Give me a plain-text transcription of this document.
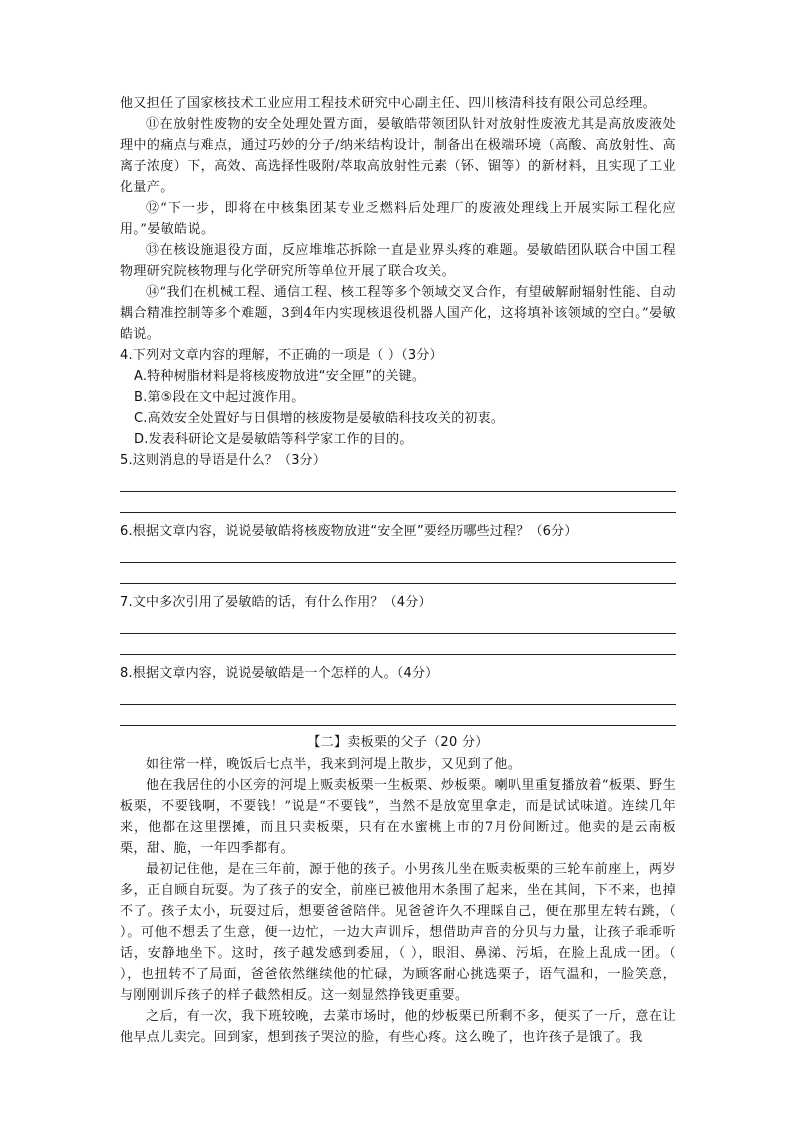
他又担任了国家核技术工业应用工程技术研究中心副主任、四川核清科技有限公司总经理。

⑪在放射性废物的安全处理处置方面，晏敏皓带领团队针对放射性废液尤其是高放废液处理中的痛点与难点，通过巧妙的分子/纳米结构设计，制备出在极端环境（高酸、高放射性、高离子浓度）下，高效、高选择性吸附/萃取高放射性元素（钚、镅等）的新材料，且实现了工业化量产。

⑫“下一步，即将在中核集团某专业乏燃料后处理厂的废液处理线上开展实际工程化应用。”晏敏皓说。

⑬在核设施退役方面，反应堆堆芯拆除一直是业界头疼的难题。晏敏皓团队联合中国工程物理研究院核物理与化学研究所等单位开展了联合攻关。

⑭“我们在机械工程、通信工程、核工程等多个领域交叉合作，有望破解耐辐射性能、自动耦合精准控制等多个难题，3到4年内实现核退役机器人国产化，这将填补该领域的空白。”晏敏皓说。

4.下列对文章内容的理解，不正确的一项是（ ）（3分）

A.特种树脂材料是将核废物放进“安全匣”的关键。

B.第⑤段在文中起过渡作用。

C.高效安全处置好与日俱增的核废物是晏敏皓科技攻关的初衷。

D.发表科研论文是晏敏皓等科学家工作的目的。

5.这则消息的导语是什么？（3分）

6.根据文章内容，说说晏敏皓将核废物放进“安全匣”要经历哪些过程？（6分）

7.文中多次引用了晏敏皓的话，有什么作用？（4分）

8.根据文章内容，说说晏敏皓是一个怎样的人。（4分）

【二】卖板栗的父子（20 分）

如往常一样，晚饭后七点半，我来到河堤上散步，又见到了他。

他在我居住的小区旁的河堤上贩卖板栗一生板栗、炒板栗。喇叭里重复播放着“板栗、野生板栗，不要钱啊，不要钱！”说是“不要钱”，当然不是放宽里拿走，而是试试味道。连续几年来，他都在这里摆摊，而且只卖板栗，只有在水蜜桃上市的7月份间断过。他卖的是云南板栗，甜、脆，一年四季都有。

最初记住他，是在三年前，源于他的孩子。小男孩儿坐在贩卖板栗的三轮车前座上，两岁多，正自顾自玩耍。为了孩子的安全，前座已被他用木条围了起来，坐在其间，下不来，也掉不了。孩子太小，玩耍过后，想要爸爸陪伴。见爸爸许久不理睬自己，便在那里左转右跳，（ ）。可他不想丢了生意，便一边忙，一边大声训斥，想借助声音的分贝与力量，让孩子乖乖听话，安静地坐下。这时，孩子越发感到委屈，（ ），眼泪、鼻涕、污垢，在脸上乱成一团。（ ），也扭转不了局面，爸爸依然继续他的忙碌，为顾客耐心挑选栗子，语气温和，一脸笑意，与刚刚训斥孩子的样子截然相反。这一刻显然挣钱更重要。

之后，有一次，我下班较晚，去菜市场时，他的炒板栗已所剩不多，便买了一斤，意在让他早点儿卖完。回到家，想到孩子哭泣的脸，有些心疼。这么晚了，也许孩子是饿了。我
